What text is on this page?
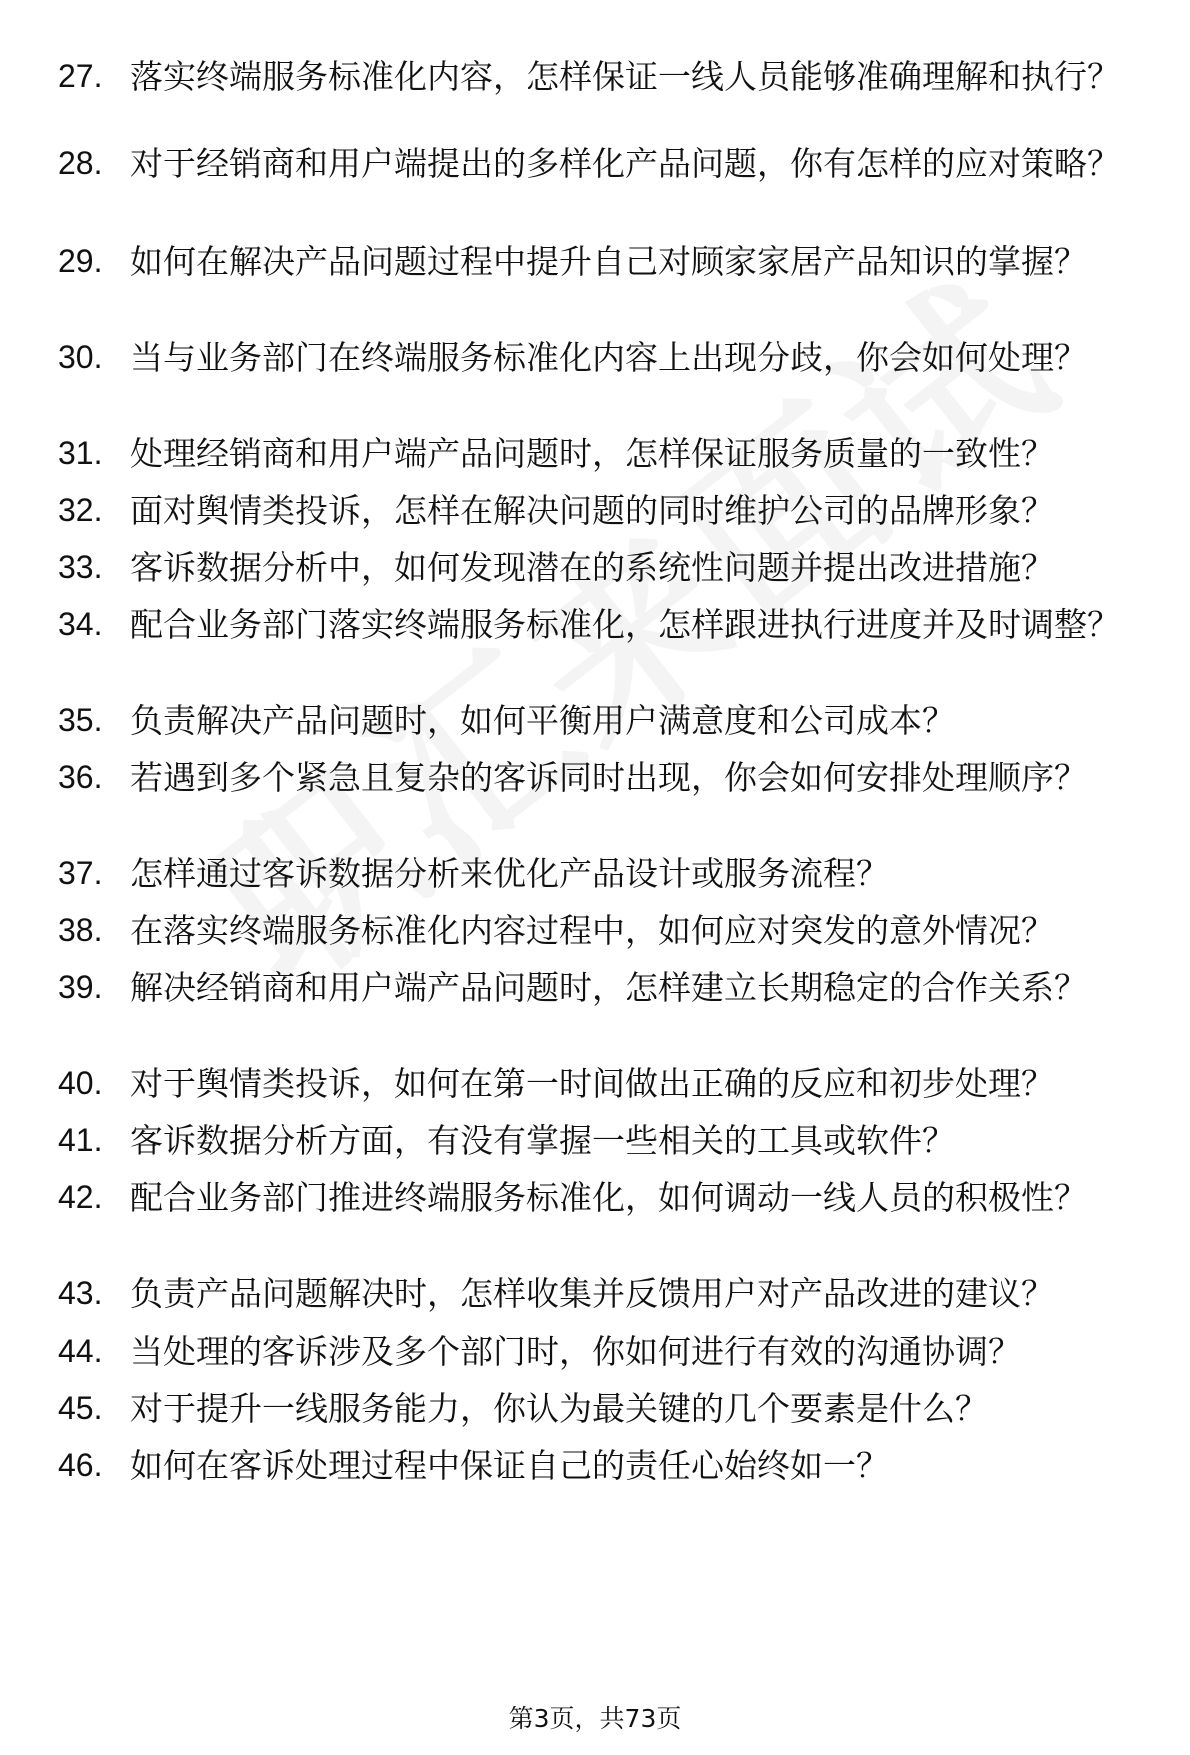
27. 落实终端服务标准化内容，怎样保证一线人员能够准确理解和执行？
28. 对于经销商和用户端提出的多样化产品问题，你有怎样的应对策略？
29. 如何在解决产品问题过程中提升自己对顾家家居产品知识的掌握？
30. 当与业务部门在终端服务标准化内容上出现分歧，你会如何处理？
31. 处理经销商和用户端产品问题时，怎样保证服务质量的一致性？
32. 面对舆情类投诉，怎样在解决问题的同时维护公司的品牌形象？
33. 客诉数据分析中，如何发现潜在的系统性问题并提出改进措施？
34. 配合业务部门落实终端服务标准化，怎样跟进执行进度并及时调整？
35. 负责解决产品问题时，如何平衡用户满意度和公司成本？
36. 若遇到多个紧急且复杂的客诉同时出现，你会如何安排处理顺序？
37. 怎样通过客诉数据分析来优化产品设计或服务流程？
38. 在落实终端服务标准化内容过程中，如何应对突发的意外情况？
39. 解决经销商和用户端产品问题时，怎样建立长期稳定的合作关系？
40. 对于舆情类投诉，如何在第一时间做出正确的反应和初步处理？
41. 客诉数据分析方面，有没有掌握一些相关的工具或软件？
42. 配合业务部门推进终端服务标准化，如何调动一线人员的积极性？
43. 负责产品问题解决时，怎样收集并反馈用户对产品改进的建议？
44. 当处理的客诉涉及多个部门时，你如何进行有效的沟通协调？
45. 对于提升一线服务能力，你认为最关键的几个要素是什么？
46. 如何在客诉处理过程中保证自己的责任心始终如一？
第3页，共73页
